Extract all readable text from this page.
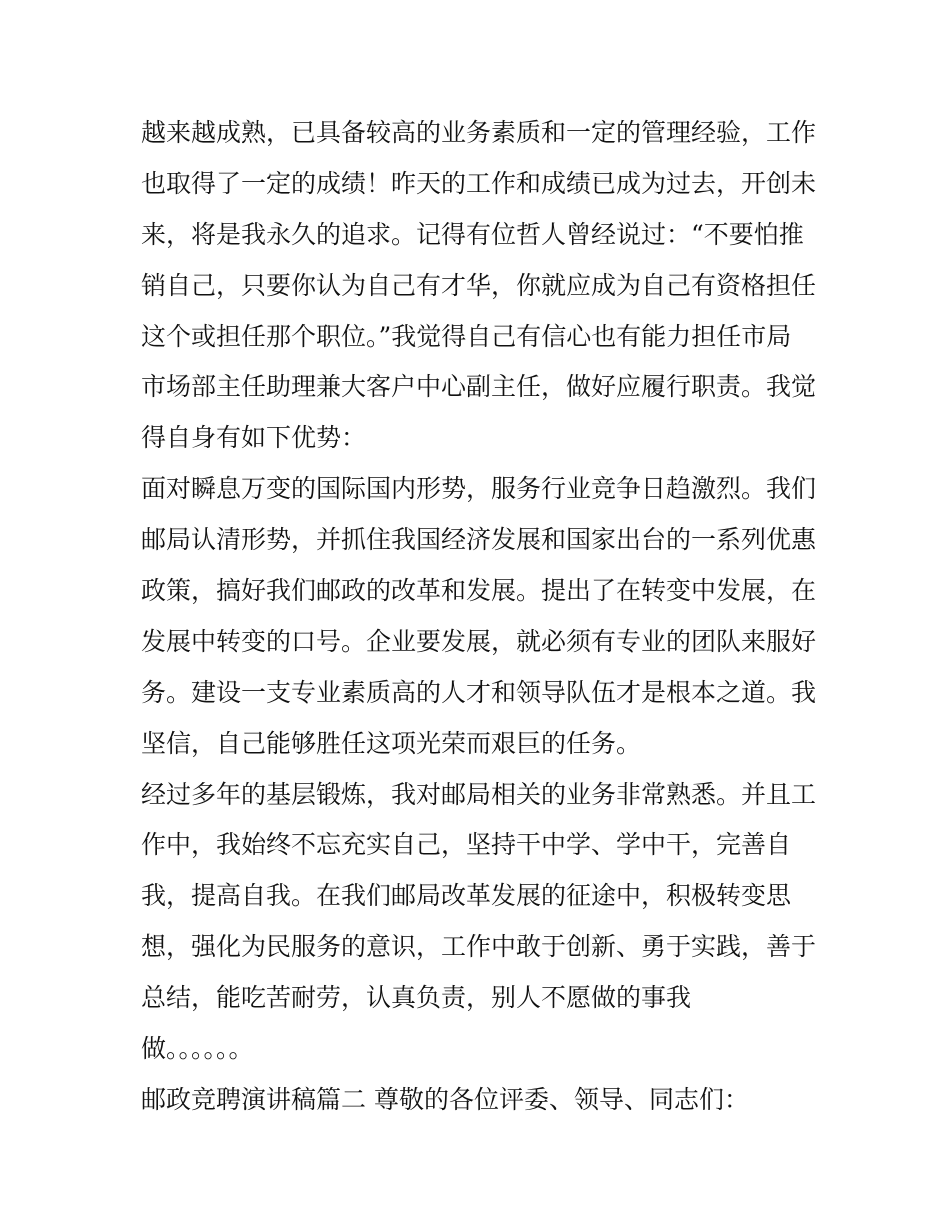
越来越成熟，已具备较高的业务素质和一定的管理经验，工作
也取得了一定的成绩！昨天的工作和成绩已成为过去，开创未
来，将是我永久的追求。记得有位哲人曾经说过：“不要怕推
销自己，只要你认为自己有才华，你就应成为自己有资格担任
这个或担任那个职位。”我觉得自己有信心也有能力担任市局
市场部主任助理兼大客户中心副主任，做好应履行职责。我觉
得自身有如下优势：
面对瞬息万变的国际国内形势，服务行业竞争日趋激烈。我们
邮局认清形势，并抓住我国经济发展和国家出台的一系列优惠
政策，搞好我们邮政的改革和发展。提出了在转变中发展，在
发展中转变的口号。企业要发展，就必须有专业的团队来服好
务。建设一支专业素质高的人才和领导队伍才是根本之道。我
坚信，自己能够胜任这项光荣而艰巨的任务。
经过多年的基层锻炼，我对邮局相关的业务非常熟悉。并且工
作中，我始终不忘充实自己，坚持干中学、学中干，完善自
我，提高自我。在我们邮局改革发展的征途中，积极转变思
想，强化为民服务的意识，工作中敢于创新、勇于实践，善于
总结，能吃苦耐劳，认真负责，别人不愿做的事我
做。。。。。。
邮政竞聘演讲稿篇二 尊敬的各位评委、领导、同志们：
